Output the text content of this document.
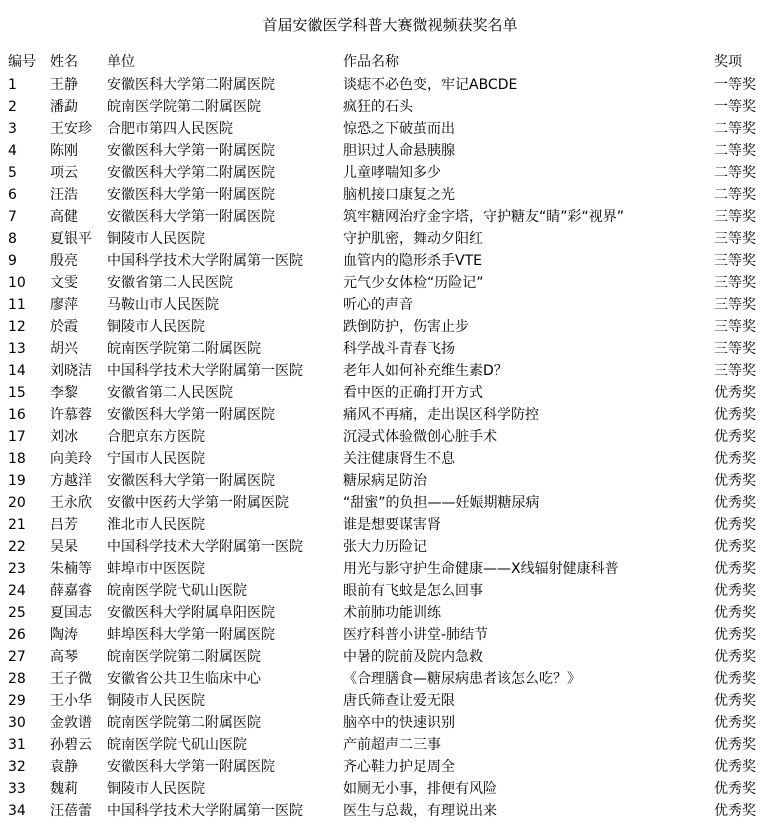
首届安徽医学科普大赛微视频获奖名单
编号	姓名	单位	作品名称	奖项
1	王静	安徽医科大学第二附属医院	谈痣不必色变，牢记ABCDE	一等奖
2	潘勐	皖南医学院第二附属医院	疯狂的石头	一等奖
3	王安珍	合肥市第四人民医院	惊恐之下破茧而出	二等奖
4	陈刚	安徽医科大学第一附属医院	胆识过人命悬胰腺	二等奖
5	项云	安徽医科大学第二附属医院	儿童哮喘知多少	二等奖
6	汪浩	安徽医科大学第一附属医院	脑机接口康复之光	二等奖
7	高健	安徽医科大学第一附属医院	筑牢糖网治疗金字塔，守护糖友“睛”彩“视界”	三等奖
8	夏银平	铜陵市人民医院	守护肌密，舞动夕阳红	三等奖
9	殷亮	中国科学技术大学附属第一医院	血管内的隐形杀手VTE	三等奖
10	文雯	安徽省第二人民医院	元气少女体检“历险记”	三等奖
11	廖萍	马鞍山市人民医院	听心的声音	三等奖
12	於霞	铜陵市人民医院	跌倒防护，伤害止步	三等奖
13	胡兴	皖南医学院第二附属医院	科学战斗青春飞扬	三等奖
14	刘晓洁	中国科学技术大学附属第一医院	老年人如何补充维生素D？	三等奖
15	李黎	安徽省第二人民医院	看中医的正确打开方式	优秀奖
16	许慕蓉	安徽医科大学第一附属医院	痛风不再痛，走出误区科学防控	优秀奖
17	刘冰	合肥京东方医院	沉浸式体验微创心脏手术	优秀奖
18	向美玲	宁国市人民医院	关注健康肾生不息	优秀奖
19	方越洋	安徽医科大学第一附属医院	糖尿病足防治	优秀奖
20	王永欣	安徽中医药大学第一附属医院	“甜蜜”的负担——妊娠期糖尿病	优秀奖
21	吕芳	淮北市人民医院	谁是想要谋害肾	优秀奖
22	吴杲	中国科学技术大学附属第一医院	张大力历险记	优秀奖
23	朱楠等	蚌埠市中医医院	用光与影守护生命健康——X线辐射健康科普	优秀奖
24	薛嘉睿	皖南医学院弋矶山医院	眼前有飞蚊是怎么回事	优秀奖
25	夏国志	安徽医科大学附属阜阳医院	术前肺功能训练	优秀奖
26	陶涛	蚌埠医科大学第一附属医院	医疗科普小讲堂-肺结节	优秀奖
27	高琴	皖南医学院第二附属医院	中暑的院前及院内急救	优秀奖
28	王子微	安徽省公共卫生临床中心	《合理膳食—糖尿病患者该怎么吃？》	优秀奖
29	王小华	铜陵市人民医院	唐氏筛查让爱无限	优秀奖
30	金敦谱	皖南医学院第二附属医院	脑卒中的快速识别	优秀奖
31	孙碧云	皖南医学院弋矶山医院	产前超声二三事	优秀奖
32	袁静	安徽医科大学第一附属医院	齐心鞋力护足周全	优秀奖
33	魏莉	铜陵市人民医院	如厕无小事，排便有风险	优秀奖
34	汪蓓蕾	中国科学技术大学附属第一医院	医生与总裁，有理说出来	优秀奖
